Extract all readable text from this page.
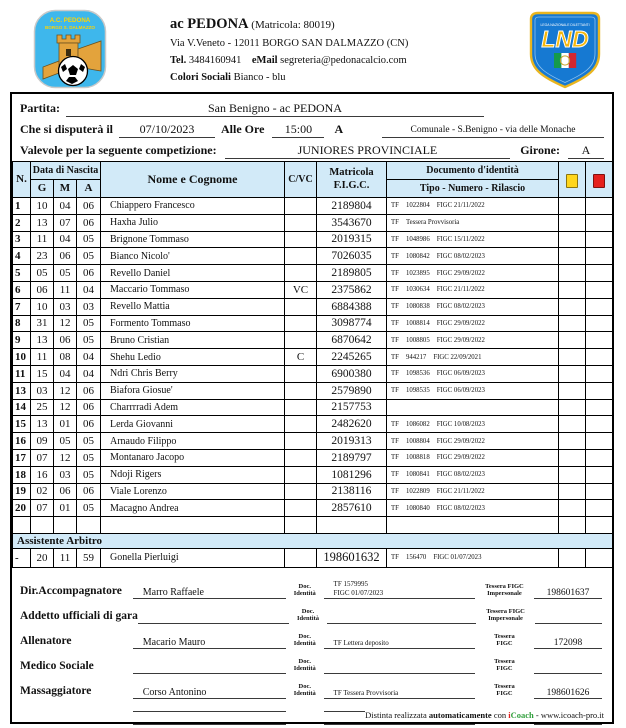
A.C. PEDONA
BORGO S. DALMAZZO	ac PEDONA (Matricola: 80019)
Via V.Veneto - 12011 BORGO SAN DALMAZZO (CN)
Tel. 3484160941 eMail segreteria@pedonacalcio.com
Colori Sociali Bianco - blu
LEGA NAZIONALE DILETTANTI
LND
Partita:	San Benigno - ac PEDONA
Che si disputerà il	07/10/2023	Alle Ore	15:00	A	Comunale - S.Benigno - via delle Monache
Valevole per la seguente competizione:	JUNIORES PROVINCIALE	Girone:	A
N.	Data di Nascita			Nome e Cognome	C/VC	Matricola
F.I.G.C.	Documento d'identità	

	G	M	A				Tipo - Numero - Rilascio		
1	10	04	06	Chiappero Francesco		2189804	TF 1022804 FIGC 21/11/2022		
2	13	07	06	Haxha Julio		3543670	TF Tessera Provvisoria		
3	11	04	05	Brignone Tommaso		2019315	TF 1048986 FIGC 15/11/2022		
4	23	06	05	Bianco Nicolo'		7026035	TF 1080842 FIGC 08/02/2023		
5	05	05	06	Revello Daniel		2189805	TF 1023895 FIGC 29/09/2022		
6	06	11	04	Maccario Tommaso	VC	2375862	TF 1030634 FIGC 21/11/2022		
7	10	03	03	Revello Mattia		6884388	TF 1080838 FIGC 08/02/2023		
8	31	12	05	Formento Tommaso		3098774	TF 1008814 FIGC 29/09/2022		
9	13	06	05	Bruno Cristian		6870642	TF 1008805 FIGC 29/09/2022		
10	11	08	04	Shehu Ledio	C	2245265	TF 944217 FIGC 22/09/2021		
11	15	04	04	Ndri Chris Berry		6900380	TF 1098536 FIGC 06/09/2023		
13	03	12	06	Biafora Giosue'		2579890	TF 1098535 FIGC 06/09/2023		
14	25	12	06	Charrrradi Adem		2157753			
15	13	01	06	Lerda Giovanni		2482620	TF 1086082 FIGC 10/08/2023		
16	09	05	05	Arnaudo Filippo		2019313	TF 1008804 FIGC 29/09/2022		
17	07	12	05	Montanaro Jacopo		2189797	TF 1008818 FIGC 29/09/2022		
18	16	03	05	Ndoji Rigers		1081296	TF 1080841 FIGC 08/02/2023		
19	02	06	06	Viale Lorenzo		2138116	TF 1022809 FIGC 21/11/2022		
20	07	01	05	Macagno Andrea		2857610	TF 1080840 FIGC 08/02/2023		

Assistente Arbitro									
-	20	11	59	Gonella Pierluigi		198601632	TF 156470 FIGC 01/07/2023		
Dir.Accompagnatore	Marro Raffaele
Doc.
Identità
TF 1579995
FIGC 01/07/2023
Tessera FIGC
Impersonale	198601637
Addetto ufficiali di gara	Doc.
Identità
Tessera FIGC
Impersonale
Allenatore	Macario Mauro
Doc.
Identità	TF Lettera deposito
Tessera
FIGC	172098
Medico Sociale	Doc.
Identità
Tessera
FIGC
Massaggiatore	Corso Antonino
Doc.
Identità	TF Tessera Provvisoria
Tessera
FIGC	198601626
Distinta realizzata automaticamente con iCoach - www.icoach-pro.it
